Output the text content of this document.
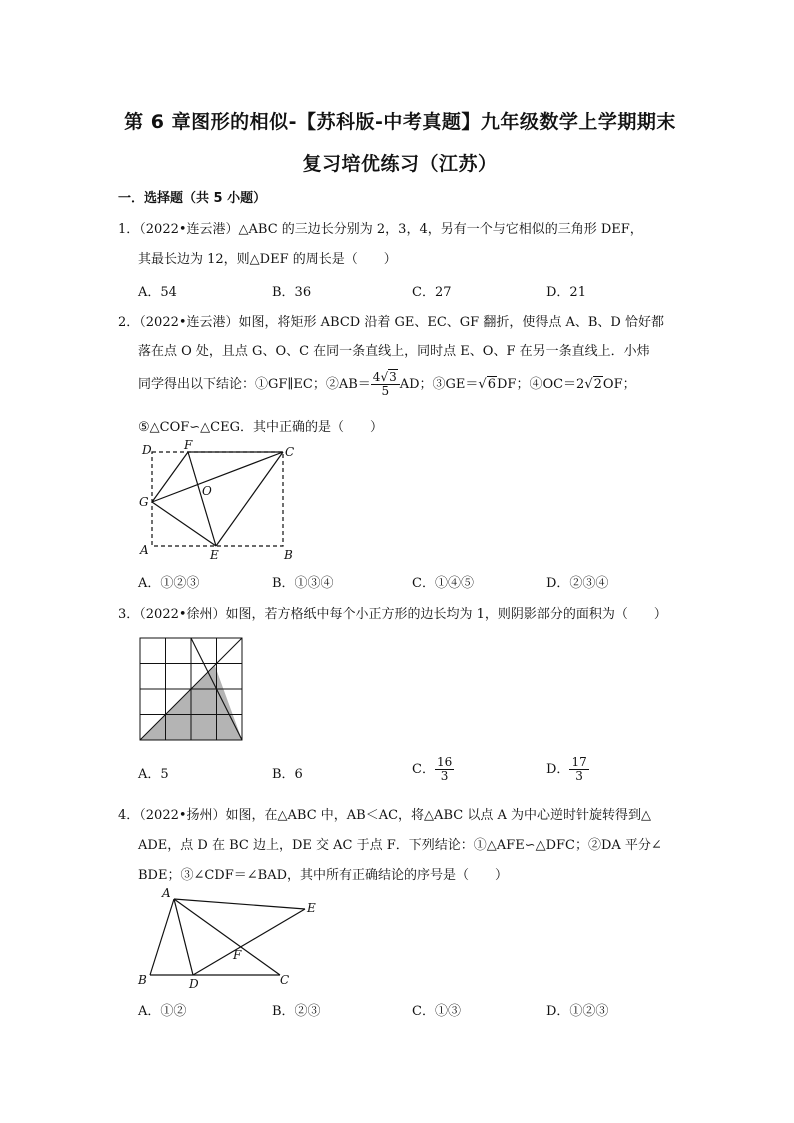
第 6 章图形的相似-【苏科版-中考真题】九年级数学上学期期末
复习培优练习（江苏）
一．选择题（共 5 小题）
1．（2022•连云港）△ABC 的三边长分别为 2，3，4，另有一个与它相似的三角形 DEF，
其最长边为 12，则△DEF 的周长是（　　）
A．54	B．36	C．27	D．21
2．（2022•连云港）如图，将矩形 ABCD 沿着 GE、EC、GF 翻折，使得点 A、B、D 恰好都
落在点 O 处，且点 G、O、C 在同一条直线上，同时点 E、O、F 在另一条直线上．小炜
同学得出以下结论：①GF∥EC；②AB＝ $\frac{4√3}{5}$ AD；③GE＝√6DF；④OC＝2√2OF；
⑤△COF∽△CEG．其中正确的是（　　）
D	F	C
G
O
A	E	B
A．①②③	B．①③④	C．①④⑤	D．②③④
3．（2022•徐州）如图，若方格纸中每个小正方形的边长均为 1，则阴影部分的面积为（　　）
A．5	B．6	C． $\frac{16}{3}$	D． $\frac{17}{3}$
4．（2022•扬州）如图，在△ABC 中，AB＜AC，将△ABC 以点 A 为中心逆时针旋转得到△
ADE，点 D 在 BC 边上，DE 交 AC 于点 F．下列结论：①△AFE∽△DFC；②DA 平分∠
BDE；③∠CDF＝∠BAD，其中所有正确结论的序号是（　　）
A
E
F
B	D	C
A．①②	B．②③	C．①③	D．①②③
